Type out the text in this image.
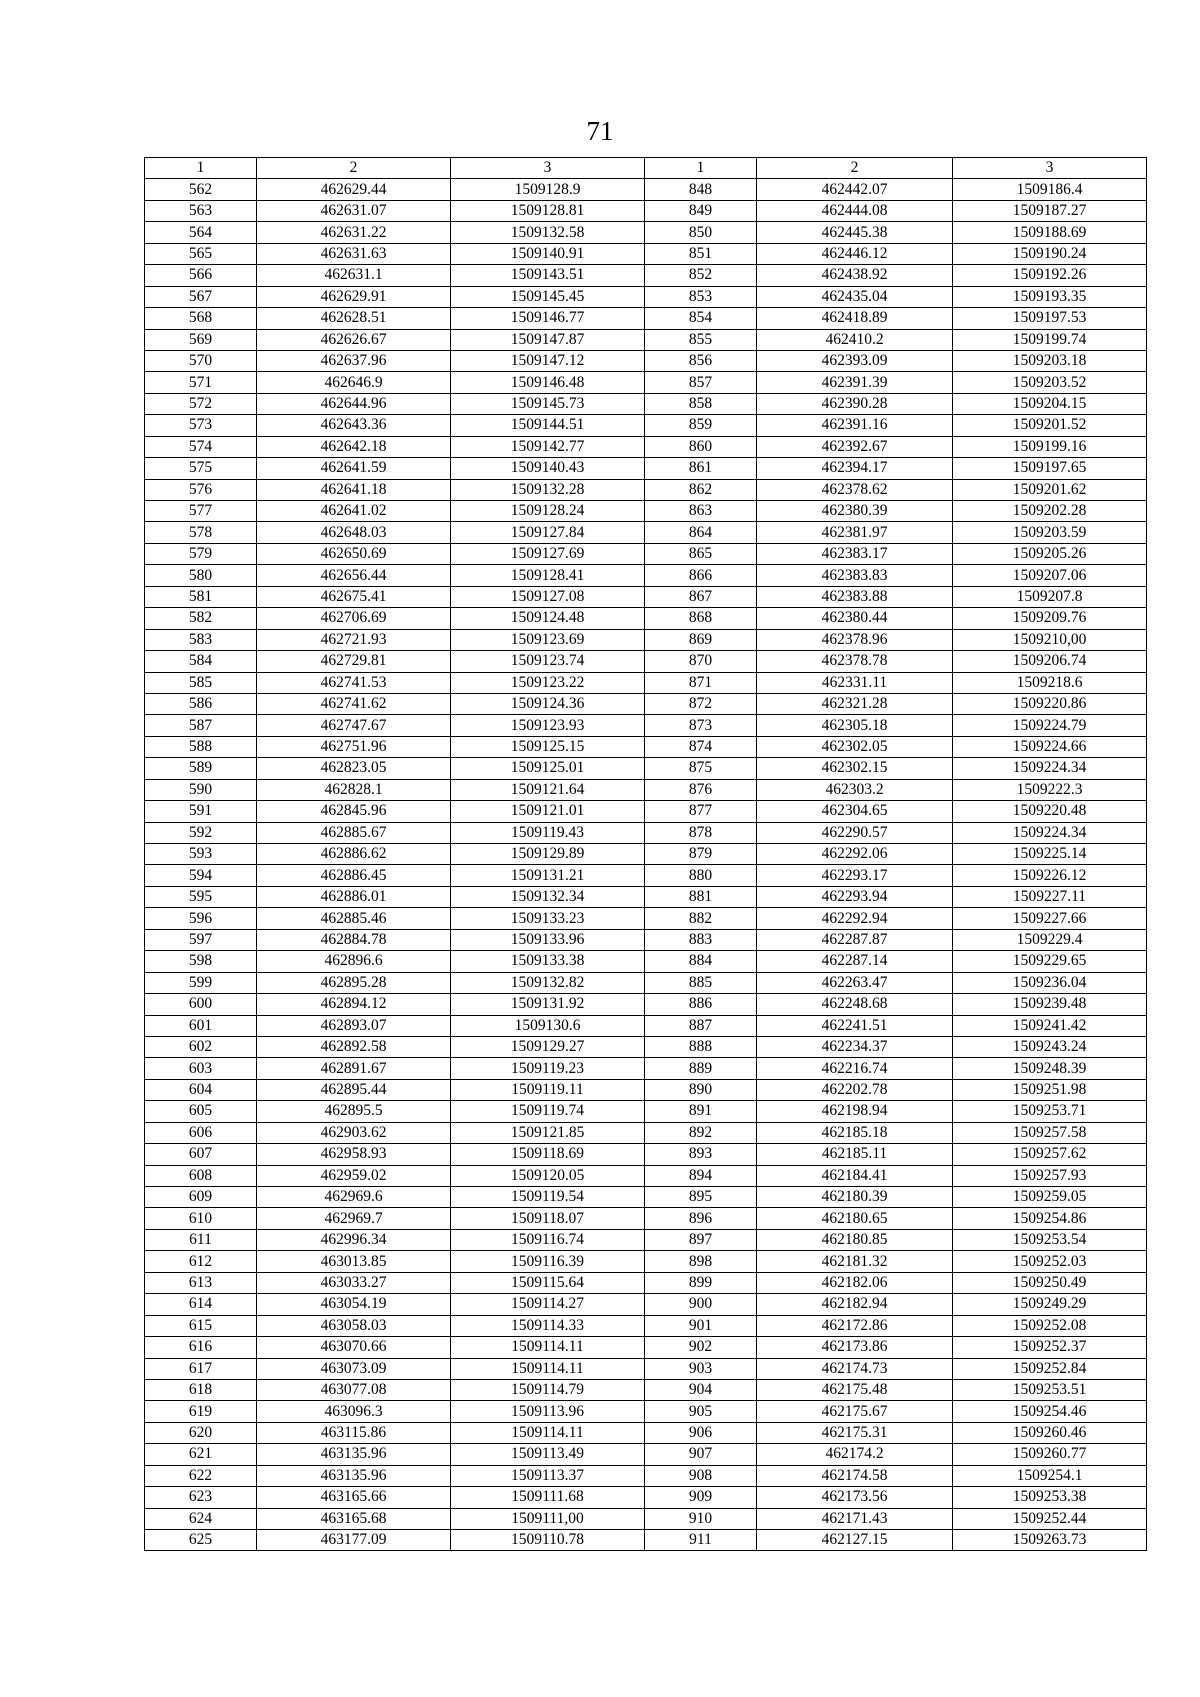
71
1	2	3	1	2	3
562	462629.44	1509128.9	848	462442.07	1509186.4
563	462631.07	1509128.81	849	462444.08	1509187.27
564	462631.22	1509132.58	850	462445.38	1509188.69
565	462631.63	1509140.91	851	462446.12	1509190.24
566	462631.1	1509143.51	852	462438.92	1509192.26
567	462629.91	1509145.45	853	462435.04	1509193.35
568	462628.51	1509146.77	854	462418.89	1509197.53
569	462626.67	1509147.87	855	462410.2	1509199.74
570	462637.96	1509147.12	856	462393.09	1509203.18
571	462646.9	1509146.48	857	462391.39	1509203.52
572	462644.96	1509145.73	858	462390.28	1509204.15
573	462643.36	1509144.51	859	462391.16	1509201.52
574	462642.18	1509142.77	860	462392.67	1509199.16
575	462641.59	1509140.43	861	462394.17	1509197.65
576	462641.18	1509132.28	862	462378.62	1509201.62
577	462641.02	1509128.24	863	462380.39	1509202.28
578	462648.03	1509127.84	864	462381.97	1509203.59
579	462650.69	1509127.69	865	462383.17	1509205.26
580	462656.44	1509128.41	866	462383.83	1509207.06
581	462675.41	1509127.08	867	462383.88	1509207.8
582	462706.69	1509124.48	868	462380.44	1509209.76
583	462721.93	1509123.69	869	462378.96	1509210,00
584	462729.81	1509123.74	870	462378.78	1509206.74
585	462741.53	1509123.22	871	462331.11	1509218.6
586	462741.62	1509124.36	872	462321.28	1509220.86
587	462747.67	1509123.93	873	462305.18	1509224.79
588	462751.96	1509125.15	874	462302.05	1509224.66
589	462823.05	1509125.01	875	462302.15	1509224.34
590	462828.1	1509121.64	876	462303.2	1509222.3
591	462845.96	1509121.01	877	462304.65	1509220.48
592	462885.67	1509119.43	878	462290.57	1509224.34
593	462886.62	1509129.89	879	462292.06	1509225.14
594	462886.45	1509131.21	880	462293.17	1509226.12
595	462886.01	1509132.34	881	462293.94	1509227.11
596	462885.46	1509133.23	882	462292.94	1509227.66
597	462884.78	1509133.96	883	462287.87	1509229.4
598	462896.6	1509133.38	884	462287.14	1509229.65
599	462895.28	1509132.82	885	462263.47	1509236.04
600	462894.12	1509131.92	886	462248.68	1509239.48
601	462893.07	1509130.6	887	462241.51	1509241.42
602	462892.58	1509129.27	888	462234.37	1509243.24
603	462891.67	1509119.23	889	462216.74	1509248.39
604	462895.44	1509119.11	890	462202.78	1509251.98
605	462895.5	1509119.74	891	462198.94	1509253.71
606	462903.62	1509121.85	892	462185.18	1509257.58
607	462958.93	1509118.69	893	462185.11	1509257.62
608	462959.02	1509120.05	894	462184.41	1509257.93
609	462969.6	1509119.54	895	462180.39	1509259.05
610	462969.7	1509118.07	896	462180.65	1509254.86
611	462996.34	1509116.74	897	462180.85	1509253.54
612	463013.85	1509116.39	898	462181.32	1509252.03
613	463033.27	1509115.64	899	462182.06	1509250.49
614	463054.19	1509114.27	900	462182.94	1509249.29
615	463058.03	1509114.33	901	462172.86	1509252.08
616	463070.66	1509114.11	902	462173.86	1509252.37
617	463073.09	1509114.11	903	462174.73	1509252.84
618	463077.08	1509114.79	904	462175.48	1509253.51
619	463096.3	1509113.96	905	462175.67	1509254.46
620	463115.86	1509114.11	906	462175.31	1509260.46
621	463135.96	1509113.49	907	462174.2	1509260.77
622	463135.96	1509113.37	908	462174.58	1509254.1
623	463165.66	1509111.68	909	462173.56	1509253.38
624	463165.68	1509111,00	910	462171.43	1509252.44
625	463177.09	1509110.78	911	462127.15	1509263.73
